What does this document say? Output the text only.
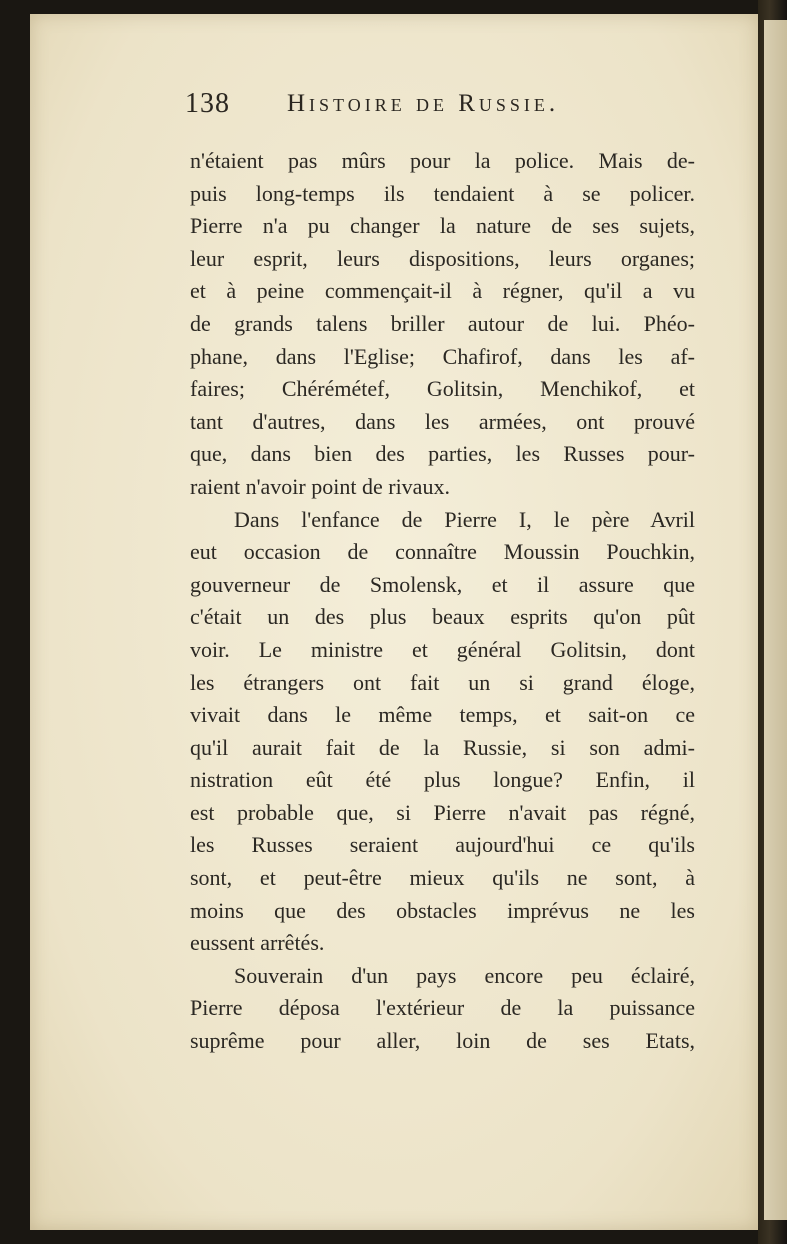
138 Histoire de Russie.
n'étaient pas mûrs pour la police. Mais de-
puis long-temps ils tendaient à se policer.
Pierre n'a pu changer la nature de ses sujets,
leur esprit, leurs dispositions, leurs organes;
et à peine commençait-il à régner, qu'il a vu
de grands talens briller autour de lui. Phéo-
phane, dans l'Eglise; Chafirof, dans les af-
faires; Chérémétef, Golitsin, Menchikof, et
tant d'autres, dans les armées, ont prouvé
que, dans bien des parties, les Russes pour-
raient n'avoir point de rivaux.
Dans l'enfance de Pierre I, le père Avril
eut occasion de connaître Moussin Pouchkin,
gouverneur de Smolensk, et il assure que
c'était un des plus beaux esprits qu'on pût
voir. Le ministre et général Golitsin, dont
les étrangers ont fait un si grand éloge,
vivait dans le même temps, et sait-on ce
qu'il aurait fait de la Russie, si son admi-
nistration eût été plus longue? Enfin, il
est probable que, si Pierre n'avait pas régné,
les Russes seraient aujourd'hui ce qu'ils
sont, et peut-être mieux qu'ils ne sont, à
moins que des obstacles imprévus ne les
eussent arrêtés.
Souverain d'un pays encore peu éclairé,
Pierre déposa l'extérieur de la puissance
suprême pour aller, loin de ses Etats,
